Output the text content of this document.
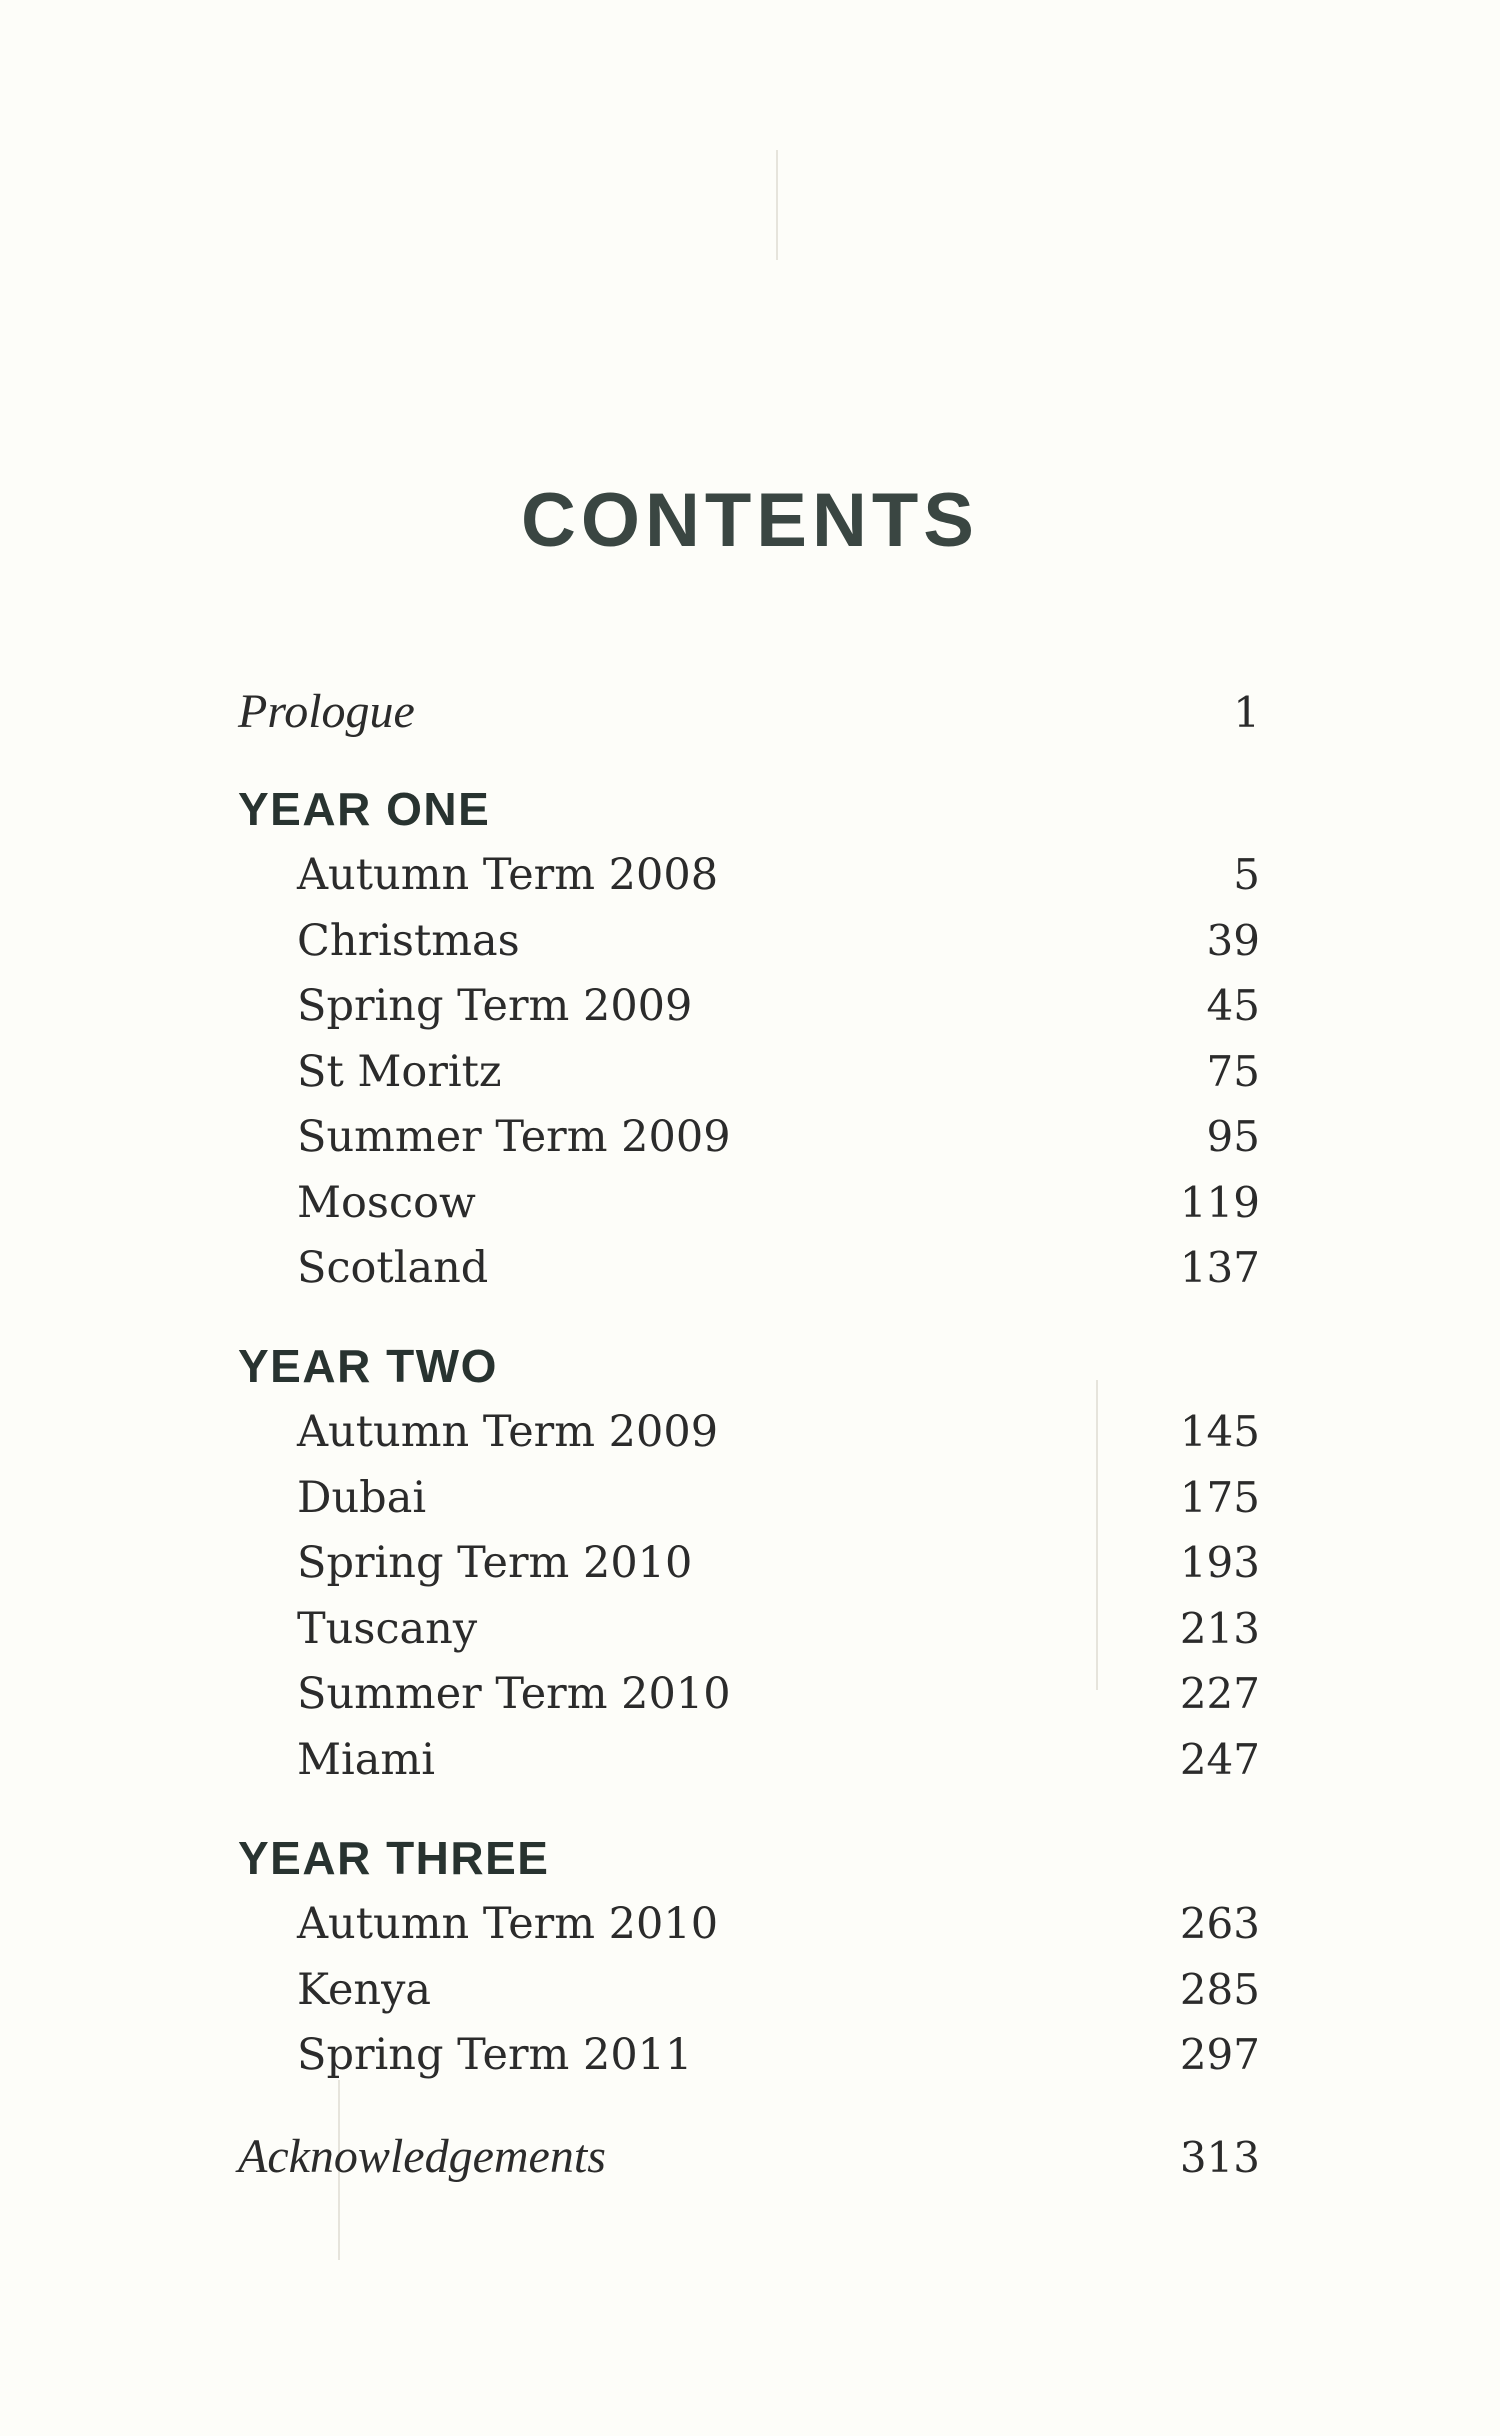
CONTENTS
Prologue	1
YEAR ONE
Autumn Term 2008	5
Christmas	39
Spring Term 2009	45
St Moritz	75
Summer Term 2009	95
Moscow	119
Scotland	137
YEAR TWO
Autumn Term 2009	145
Dubai	175
Spring Term 2010	193
Tuscany	213
Summer Term 2010	227
Miami	247
YEAR THREE
Autumn Term 2010	263
Kenya	285
Spring Term 2011	297
Acknowledgements	313
